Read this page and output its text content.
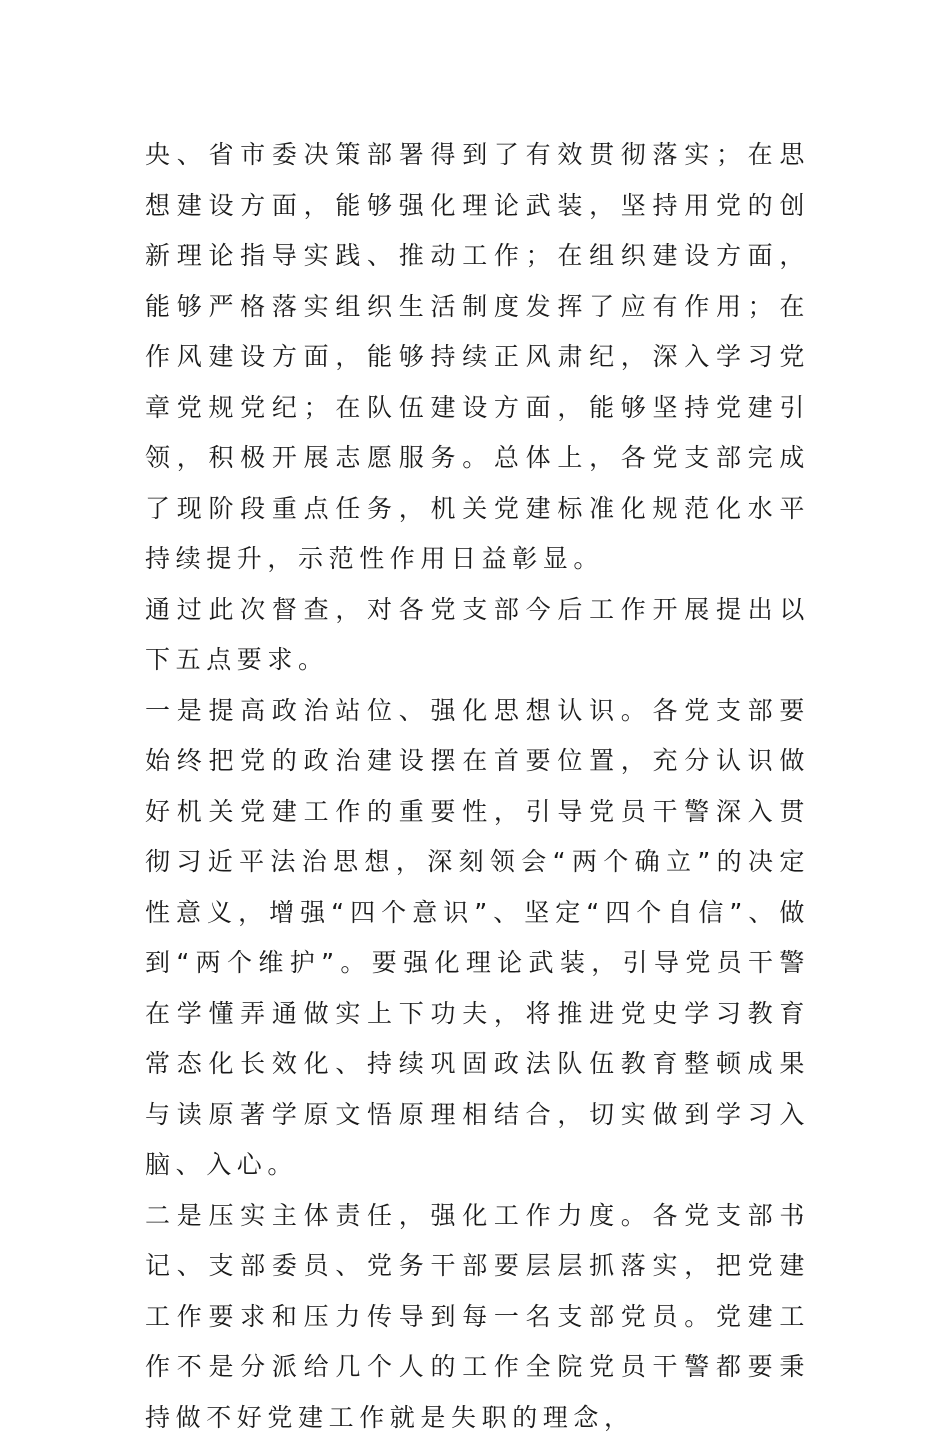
央、省市委决策部署得到了有效贯彻落实；在思想建设方面，能够强化理论武装，坚持用党的创新理论指导实践、推动工作；在组织建设方面，能够严格落实组织生活制度发挥了应有作用；在作风建设方面，能够持续正风肃纪，深入学习党章党规党纪；在队伍建设方面，能够坚持党建引领，积极开展志愿服务。总体上，各党支部完成了现阶段重点任务，机关党建标准化规范化水平持续提升，示范性作用日益彰显。

通过此次督查，对各党支部今后工作开展提出以下五点要求。

一是提高政治站位、强化思想认识。各党支部要始终把党的政治建设摆在首要位置，充分认识做好机关党建工作的重要性，引导党员干警深入贯彻习近平法治思想，深刻领会“两个确立”的决定性意义，增强“四个意识”、坚定“四个自信”、做到“两个维护”。要强化理论武装，引导党员干警在学懂弄通做实上下功夫，将推进党史学习教育常态化长效化、持续巩固政法队伍教育整顿成果与读原著学原文悟原理相结合，切实做到学习入脑、入心。

二是压实主体责任，强化工作力度。各党支部书记、支部委员、党务干部要层层抓落实，把党建工作要求和压力传导到每一名支部党员。党建工作不是分派给几个人的工作全院党员干警都要秉持做不好党建工作就是失职的理念，
